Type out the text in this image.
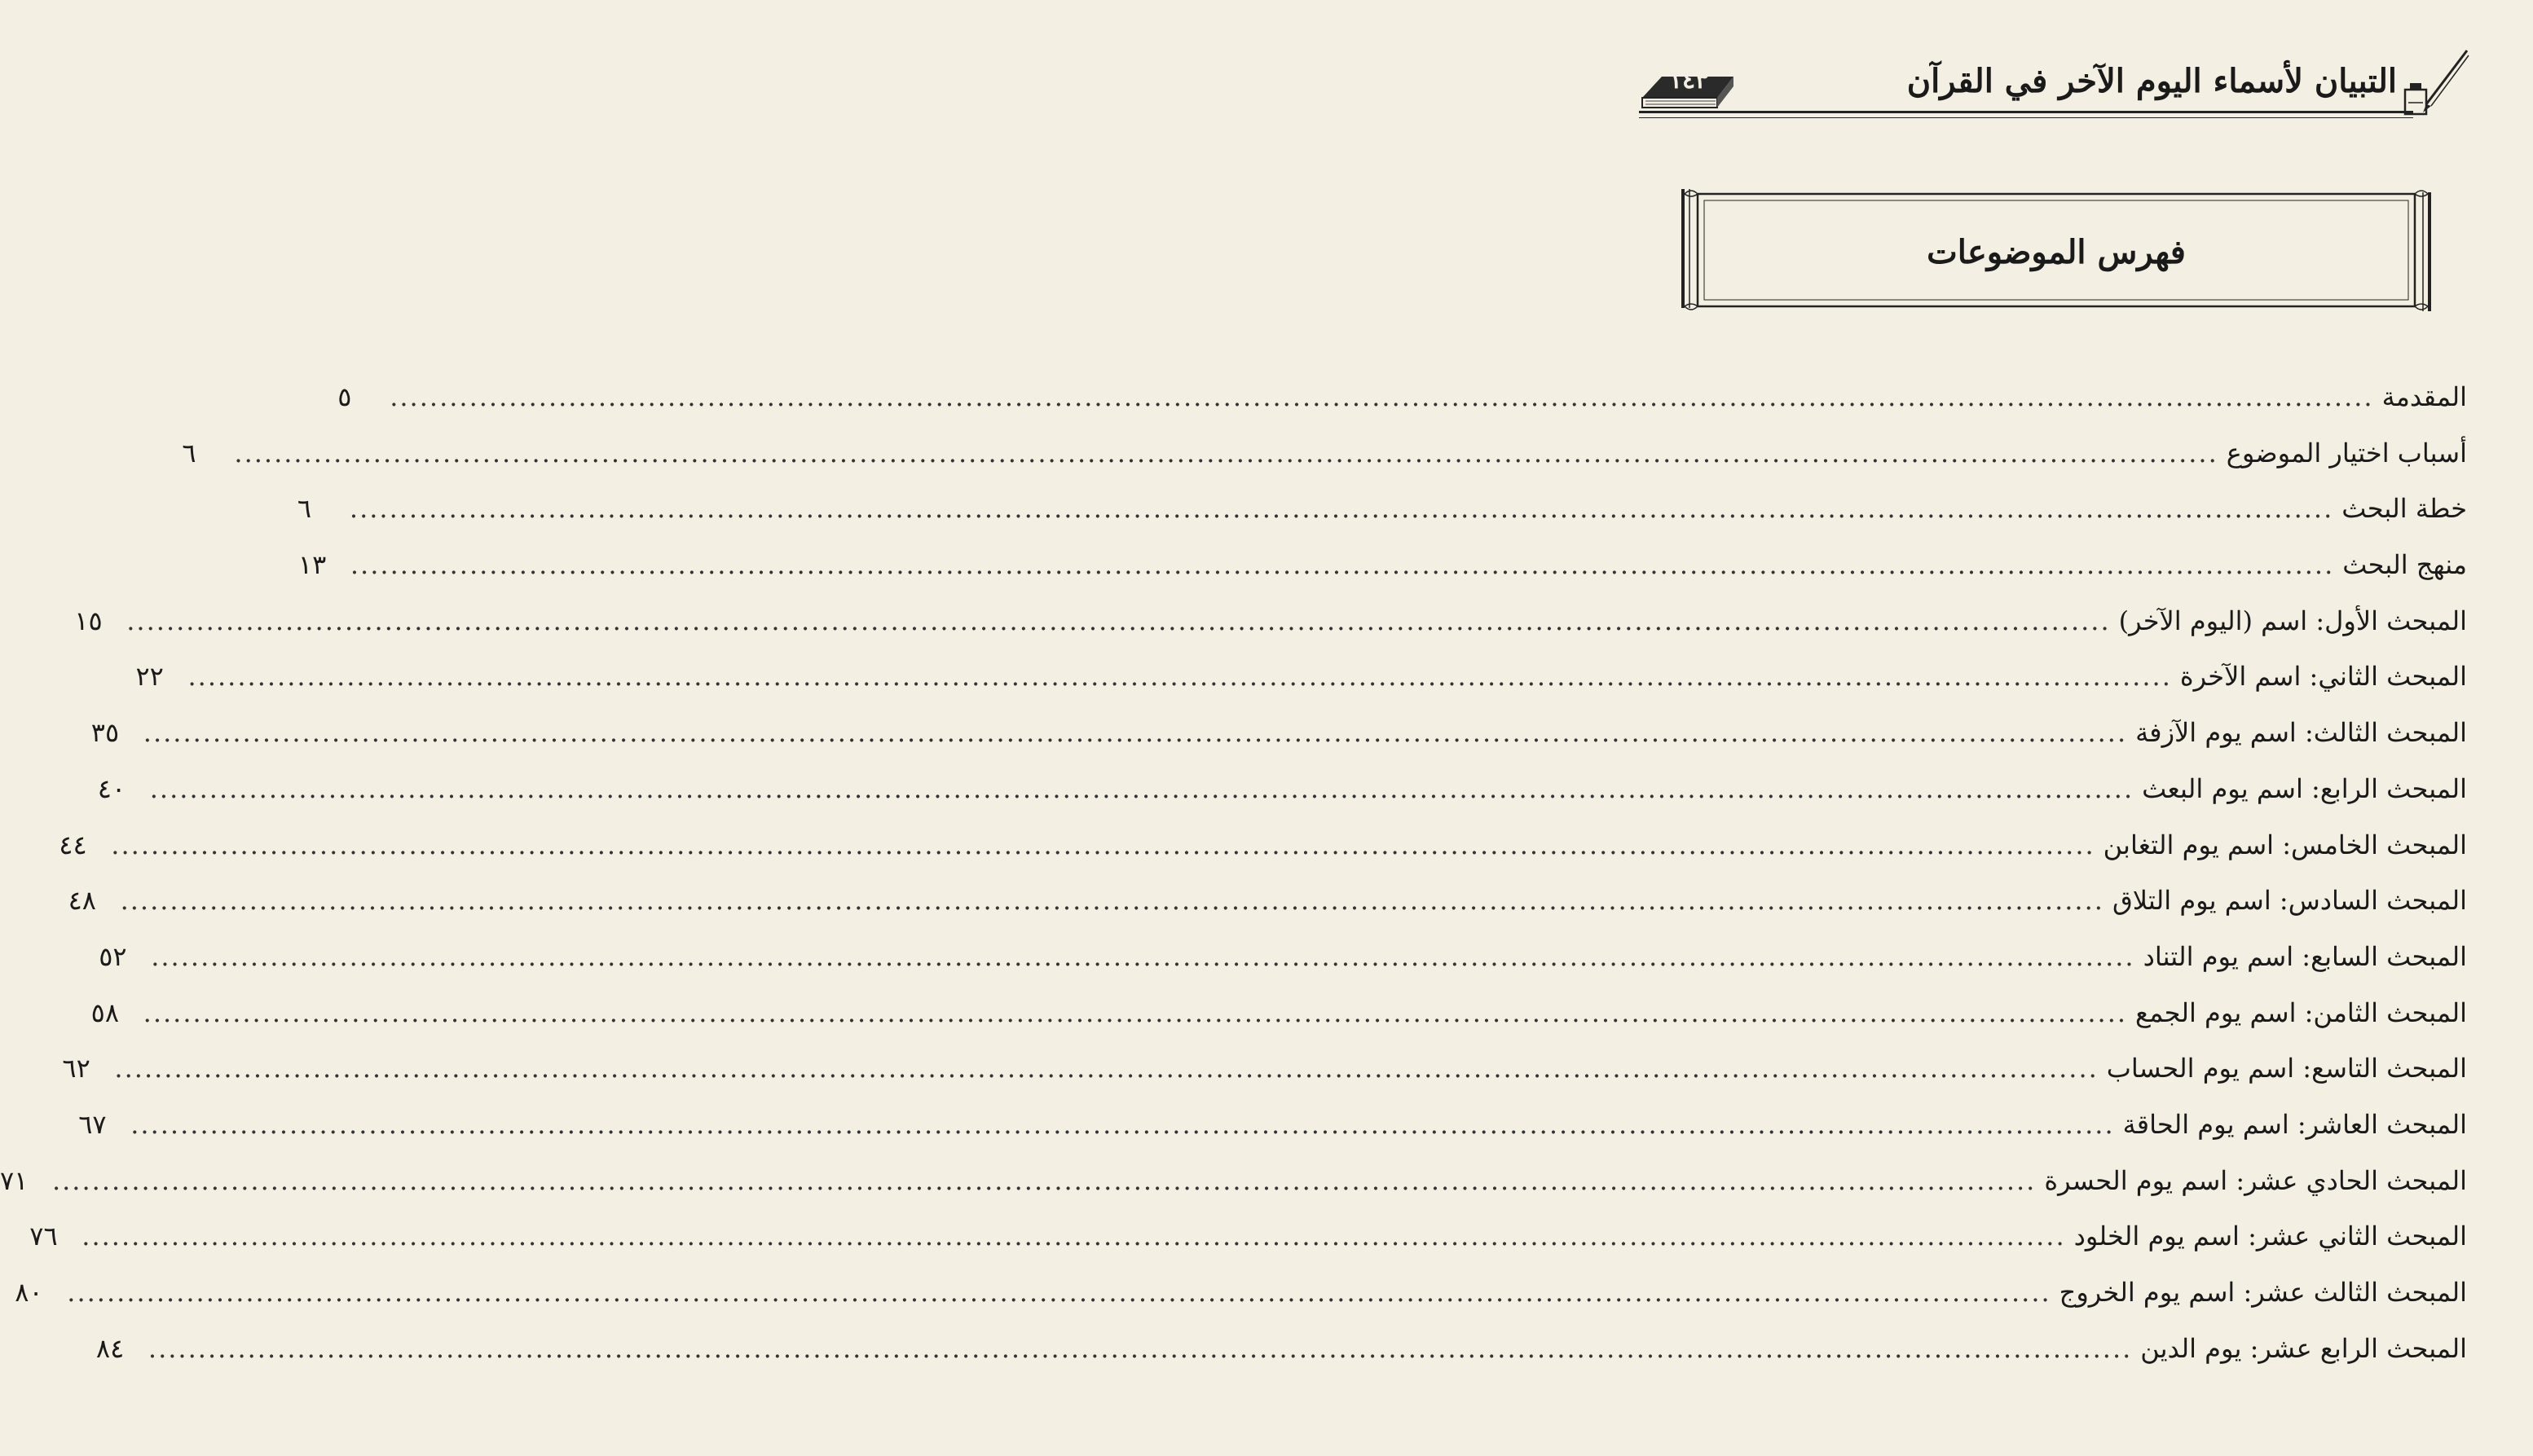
التبيان لأسماء اليوم الآخر في القرآن
١٤٣
فهرس الموضوعات
المقدمة
........................................................................................................................................................................................................
٥
أسباب اختيار الموضوع
........................................................................................................................................................................................................
٦
خطة البحث
........................................................................................................................................................................................................
٦
منهج البحث
........................................................................................................................................................................................................
١٣
المبحث الأول: اسم (اليوم الآخر)
........................................................................................................................................................................................................
١٥
المبحث الثاني: اسم الآخرة
........................................................................................................................................................................................................
٢٢
المبحث الثالث: اسم يوم الآزفة
........................................................................................................................................................................................................
٣٥
المبحث الرابع: اسم يوم البعث
........................................................................................................................................................................................................
٤٠
المبحث الخامس: اسم يوم التغابن
........................................................................................................................................................................................................
٤٤
المبحث السادس: اسم يوم التلاق
........................................................................................................................................................................................................
٤٨
المبحث السابع: اسم يوم التناد
........................................................................................................................................................................................................
٥٢
المبحث الثامن: اسم يوم الجمع
........................................................................................................................................................................................................
٥٨
المبحث التاسع: اسم يوم الحساب
........................................................................................................................................................................................................
٦٢
المبحث العاشر: اسم يوم الحاقة
........................................................................................................................................................................................................
٦٧
المبحث الحادي عشر: اسم يوم الحسرة
........................................................................................................................................................................................................
٧١
المبحث الثاني عشر: اسم يوم الخلود
........................................................................................................................................................................................................
٧٦
المبحث الثالث عشر: اسم يوم الخروج
........................................................................................................................................................................................................
٨٠
المبحث الرابع عشر: يوم الدين
........................................................................................................................................................................................................
٨٤
